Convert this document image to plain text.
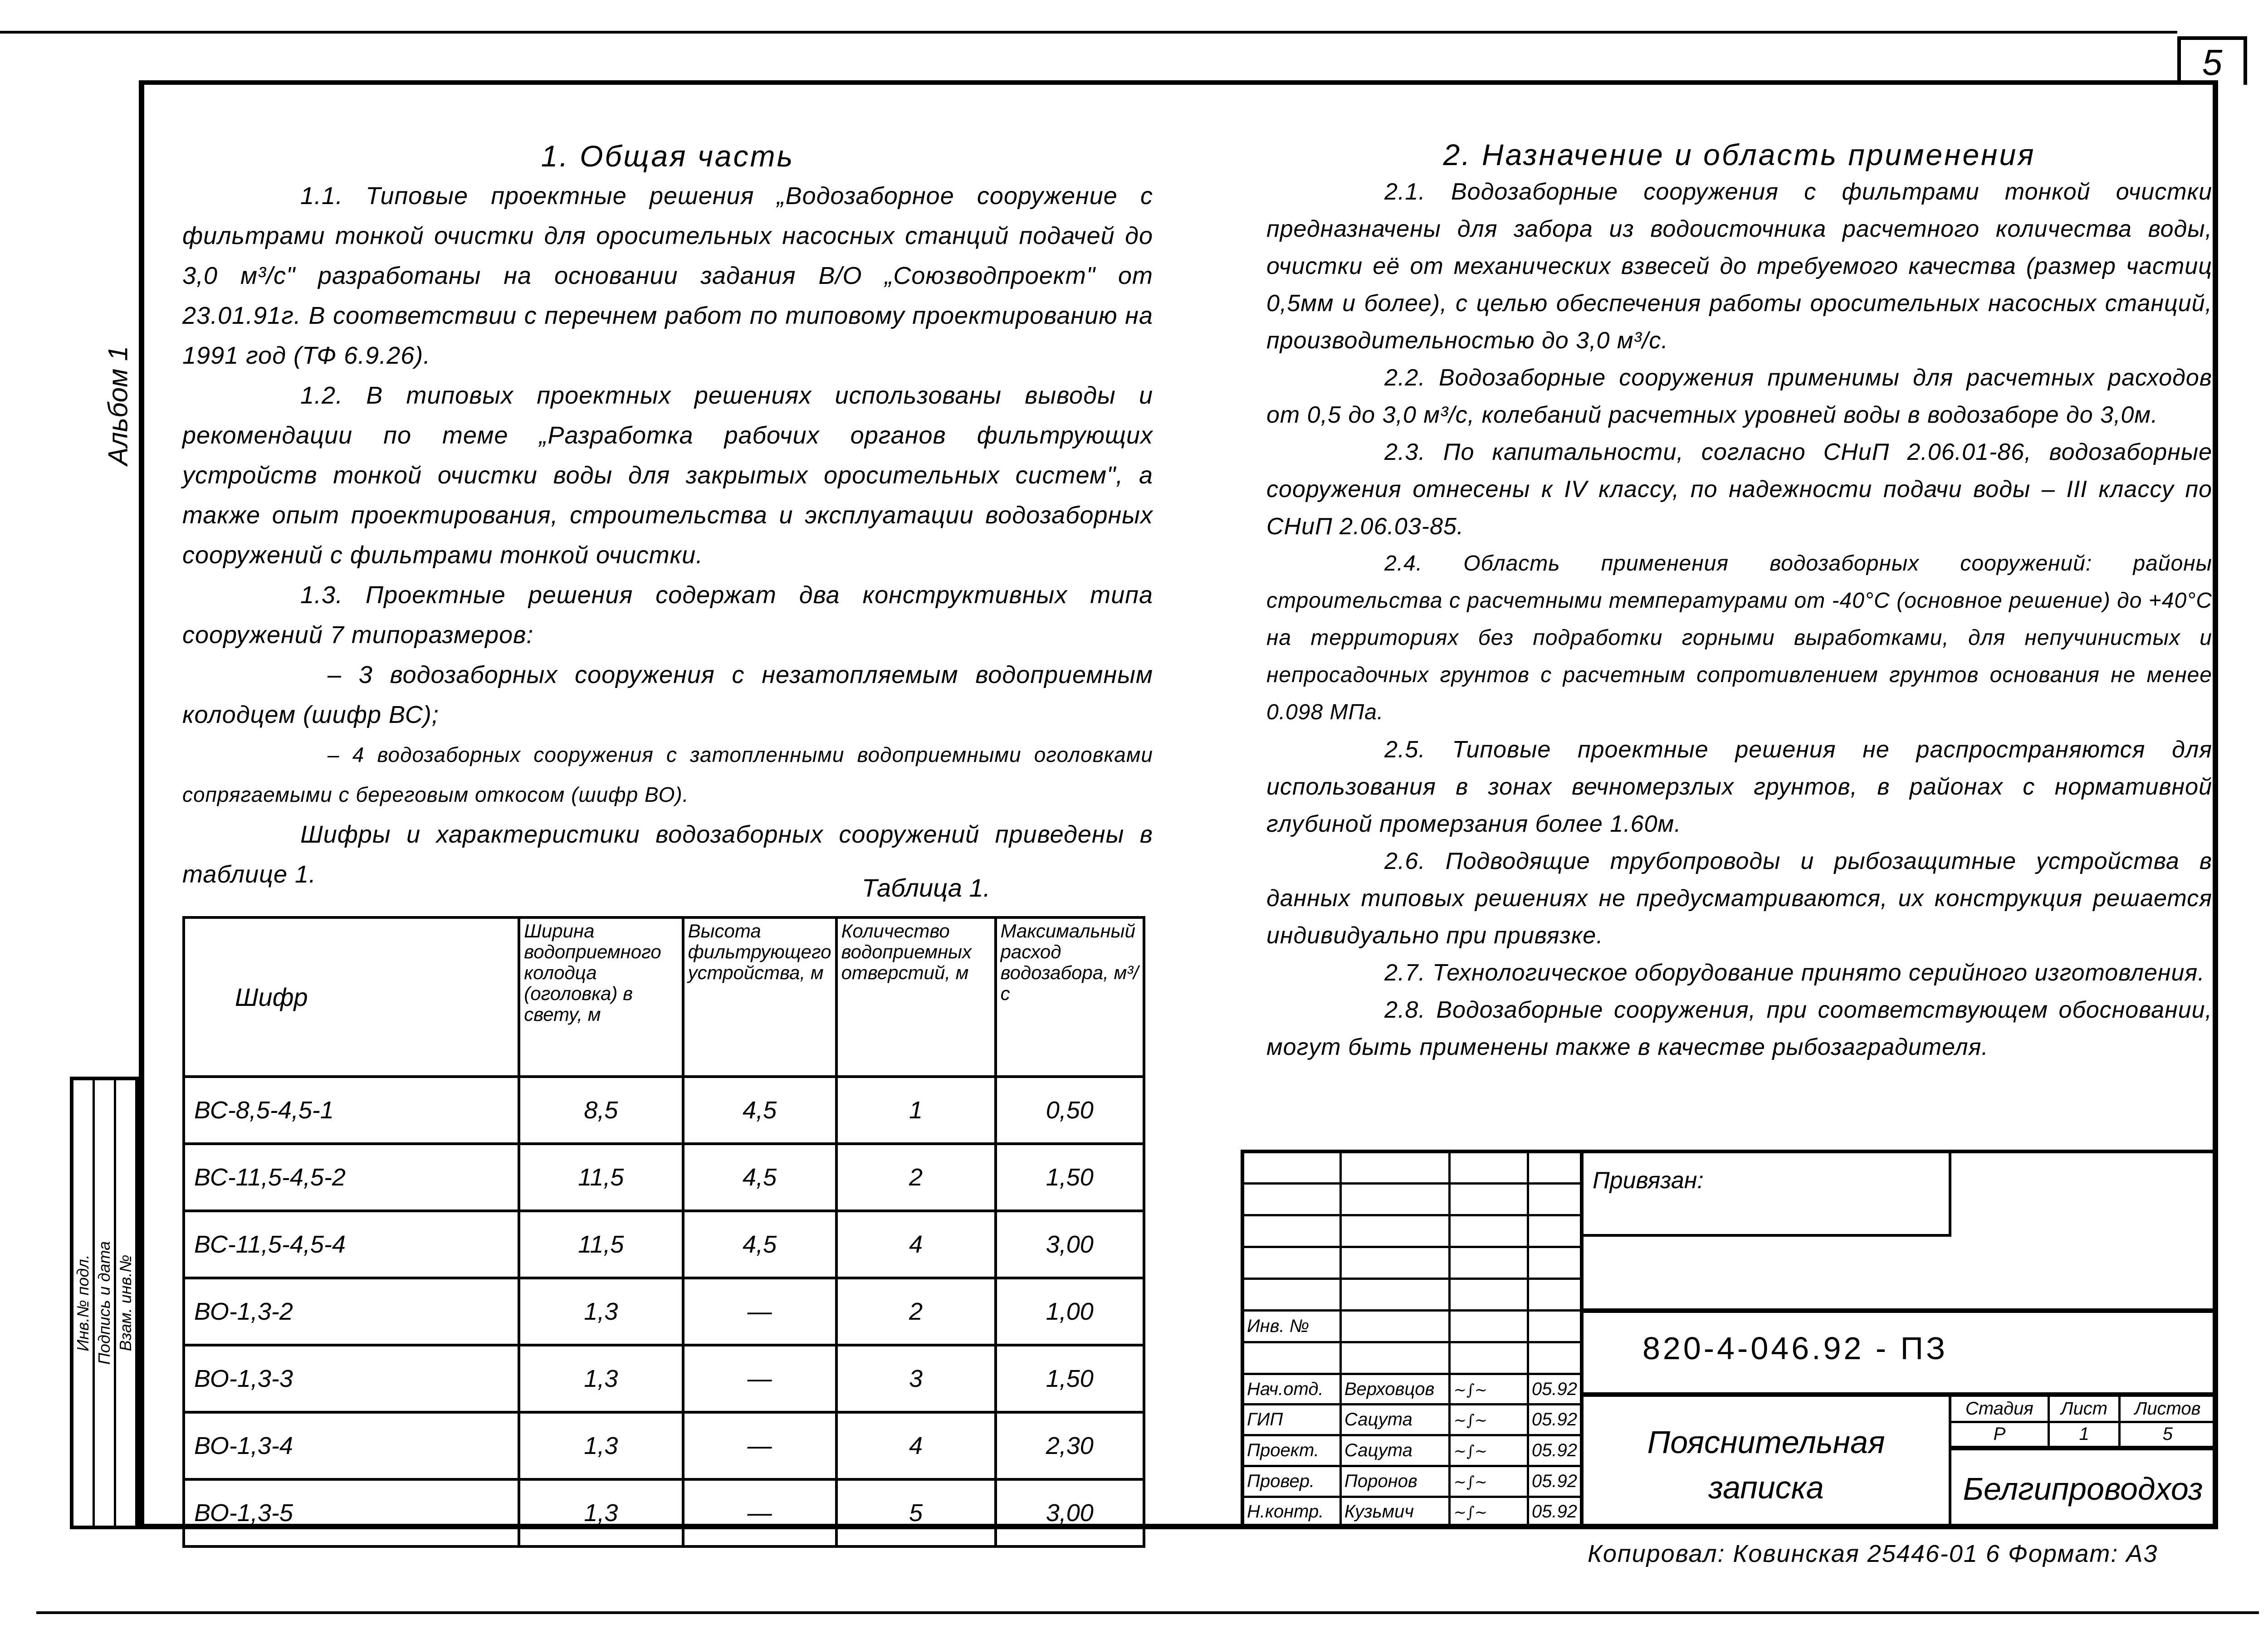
5
Альбом 1
Инв.№ подл. Подпись и дата Взам. инв.№
1. Общая часть

1.1. Типовые проектные решения „Водозаборное сооружение с фильтрами тонкой очистки для оросительных насосных станций подачей до 3,0 м³/с" разработаны на основании задания В/О „Союзводпроект" от 23.01.91г. В соответствии с перечнем работ по типовому проектированию на 1991 год (ТФ 6.9.26).

1.2. В типовых проектных решениях использованы выводы и рекомендации по теме „Разработка рабочих органов фильтрующих устройств тонкой очистки воды для закрытых оросительных систем", а также опыт проектирования, строительства и эксплуатации водозаборных сооружений с фильтрами тонкой очистки.

1.3. Проектные решения содержат два конструктивных типа сооружений 7 типоразмеров:

– 3 водозаборных сооружения с незатопляемым водоприемным колодцем (шифр ВС);

– 4 водозаборных сооружения с затопленными водоприемными оголовками сопрягаемыми с береговым откосом (шифр ВО).

Шифры и характеристики водозаборных сооружений приведены в таблице 1.	Таблица 1.
Шифр	Ширина водоприемного колодца (оголовка) в свету, м	Высота фильтрующего устройства, м	Количество водоприемных отверстий, м	Максимальный расход водозабора, м³/с
ВС-8,5-4,5-1	8,5	4,5	1	0,50
ВС-11,5-4,5-2	11,5	4,5	2	1,50
ВС-11,5-4,5-4	11,5	4,5	4	3,00
ВО-1,3-2	1,3	—	2	1,00
ВО-1,3-3	1,3	—	3	1,50
ВО-1,3-4	1,3	—	4	2,30
ВО-1,3-5	1,3	—	5	3,00
2. Назначение и область применения

2.1. Водозаборные сооружения с фильтрами тонкой очистки предназначены для забора из водоисточника расчетного количества воды, очистки её от механических взвесей до требуемого качества (размер частиц 0,5мм и более), с целью обеспечения работы оросительных насосных станций, производительностью до 3,0 м³/с.

2.2. Водозаборные сооружения применимы для расчетных расходов от 0,5 до 3,0 м³/с, колебаний расчетных уровней воды в водозаборе до 3,0м.

2.3. По капитальности, согласно СНиП 2.06.01-86, водозаборные сооружения отнесены к IV классу, по надежности подачи воды – III классу по СНиП 2.06.03-85.

2.4. Область применения водозаборных сооружений: районы строительства с расчетными температурами от -40°С (основное решение) до +40°С на территориях без подработки горными выработками, для непучинистых и непросадочных грунтов с расчетным сопротивлением грунтов основания не менее 0.098 МПа.

2.5. Типовые проектные решения не распространяются для использования в зонах вечномерзлых грунтов, в районах с нормативной глубиной промерзания более 1.60м.

2.6. Подводящие трубопроводы и рыбозащитные устройства в данных типовых решениях не предусматриваются, их конструкция решается индивидуально при привязке.

2.7. Технологическое оборудование принято серийного изготовления.

2.8. Водозаборные сооружения, при соответствующем обосновании, могут быть применены также в качестве рыбозаградителя.

Инв. №			

Нач.отд.	Верховцов	~∫~	05.92
ГИП	Сацута	~∫~	05.92
Проект.	Сацута	~∫~	05.92
Провер.	Поронов	~∫~	05.92
Н.контр.	Кузьмич	~∫~	05.92
Привязан:
820-4-046.92 - ПЗ
Пояснительная
записка
Стадия	Лист	Листов
Р	1	5
Белгипроводхоз
Копировал: Ковинская 25446-01 6 Формат: А3
